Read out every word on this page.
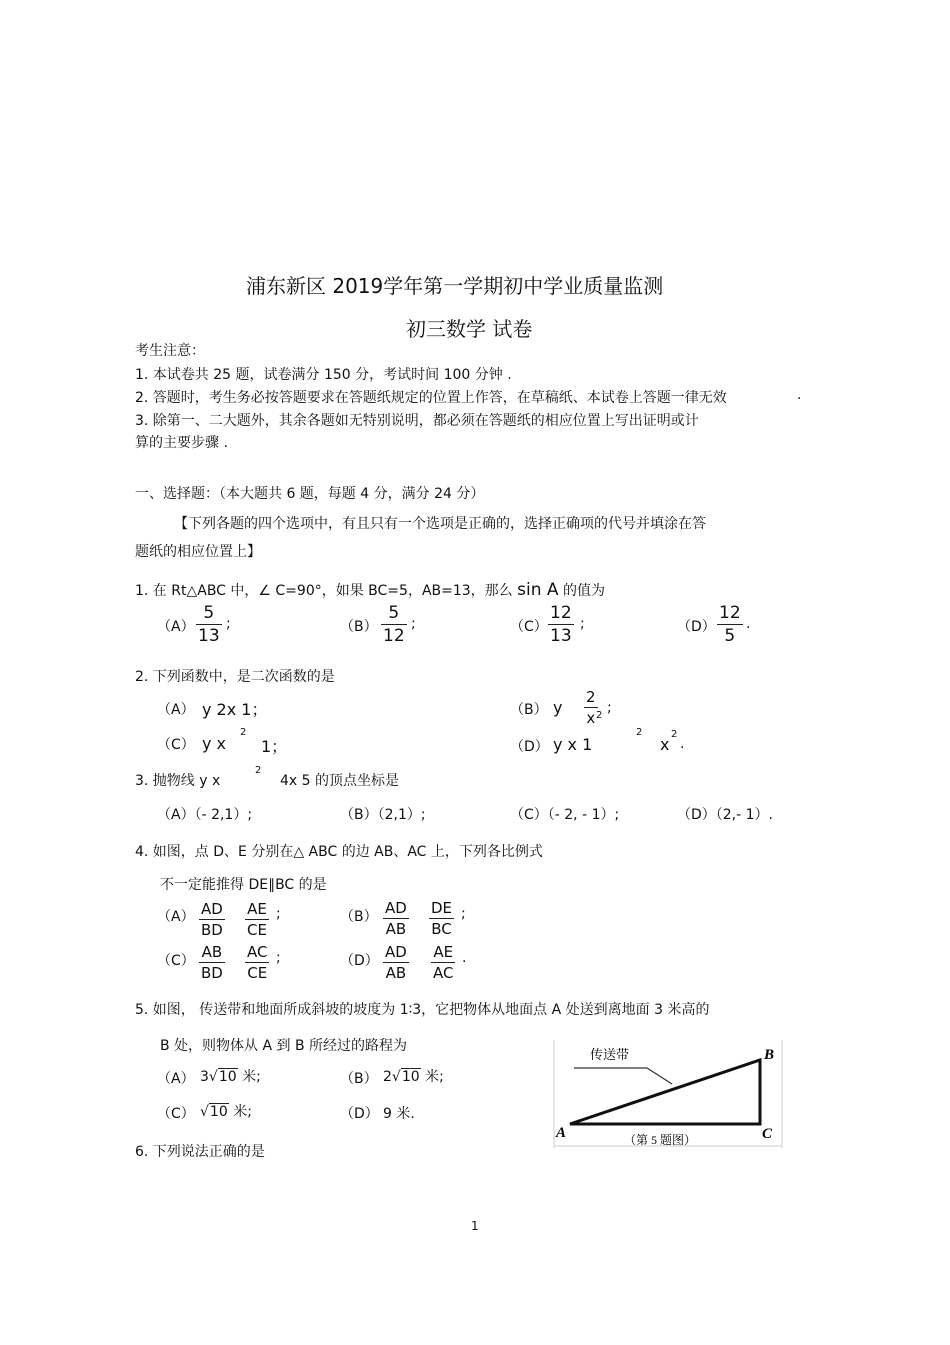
浦东新区 2019学年第一学期初中学业质量监测
初三数学 试卷
考生注意：
1. 本试卷共 25 题，试卷满分 150 分，考试时间 100 分钟 .
2. 答题时，考生务必按答题要求在答题纸规定的位置上作答，在草稿纸、本试卷上答题一律无效	.
3. 除第一、二大题外，其余各题如无特别说明，都必须在答题纸的相应位置上写出证明或计
算的主要步骤 .
一、选择题：（本大题共 6 题，每题 4 分，满分 24 分）
【下列各题的四个选项中，有且只有一个选项是正确的，选择正确项的代号并填涂在答
题纸的相应位置上】
1. 在 Rt△ABC 中，∠ C=90°，如果 BC=5，AB=13，那么 sin A 的值为
（A）
5
13
;	（B）
5
12
;	（C）
12
13
;	（D）
12
5
.
2. 下列函数中，是二次函数的是
（A） y 2x 1；	（B） y
2
x 2 ;
（C） y x
2
1；	（D） y x 1
2
x
2
.
3. 抛物线 y x
2
4x 5 的顶点坐标是
（A）（- 2,1）;	（B）（2,1）;	（C）（- 2, - 1）;	（D）（2,- 1）.
4. 如图，点 D、E 分别在△ ABC 的边 AB、AC 上，下列各比例式
不一定能推得 DE∥BC 的是
（A） AD
BD
AE
CE
;	（B） AD
AB
DE
BC
;
（C） AB
BD
AC
CE
;	（D） AD
AB
AE
AC
.
5. 如图， 传送带和地面所成斜坡的坡度为 1∶3，它把物体从地面点 A 处送到离地面 3 米高的
B 处，则物体从 A 到 B 所经过的路程为
（A） 3√10 米;	（B） 2√10 米;
（C） √10 米;	（D） 9 米.
传送带
A
B
C
（第 5 题图）
6. 下列说法正确的是
1
